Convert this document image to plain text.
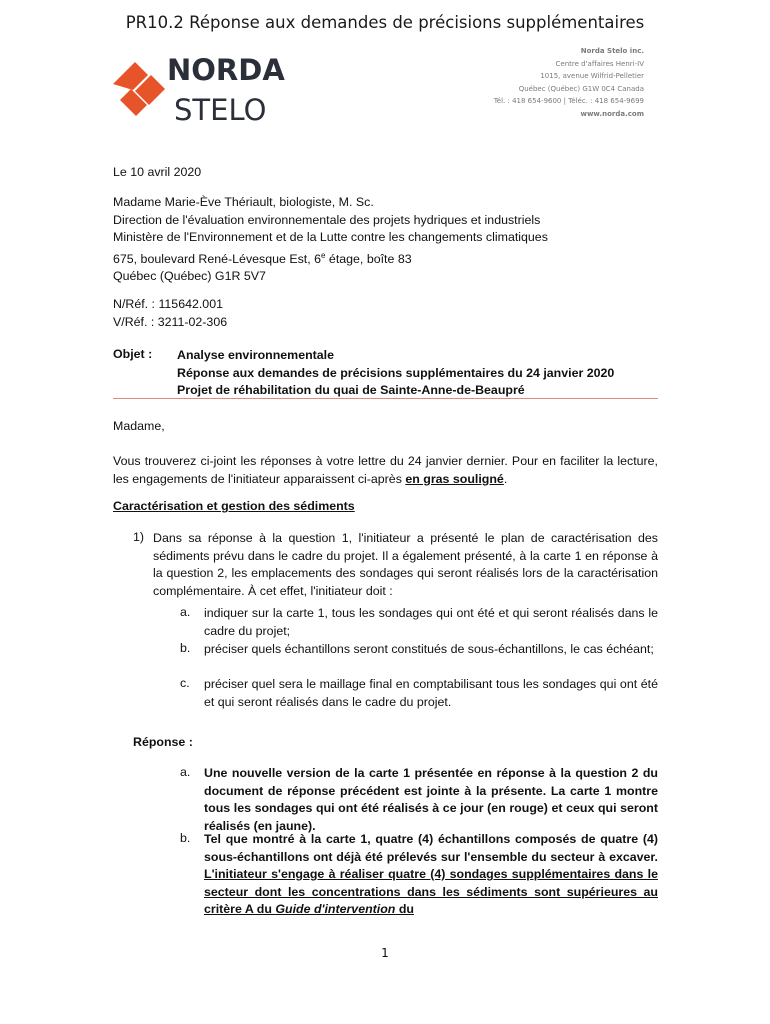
PR10.2 Réponse aux demandes de précisions supplémentaires
NORDA
STELO
Norda Stelo inc.
Centre d'affaires Henri-IV
1015, avenue Wilfrid-Pelletier
Québec (Québec) G1W 0C4 Canada
Tél. : 418 654-9600 | Téléc. : 418 654-9699
www.norda.com
Le 10 avril 2020
Madame Marie-Ève Thériault, biologiste, M. Sc.
Direction de l'évaluation environnementale des projets hydriques et industriels
Ministère de l'Environnement et de la Lutte contre les changements climatiques
675, boulevard René-Lévesque Est, 6e étage, boîte 83
Québec (Québec) G1R 5V7
N/Réf. : 115642.001
V/Réf. : 3211-02-306
Objet : Analyse environnementale
Réponse aux demandes de précisions supplémentaires du 24 janvier 2020
Projet de réhabilitation du quai de Sainte-Anne-de-Beaupré
Madame,
Vous trouverez ci-joint les réponses à votre lettre du 24 janvier dernier. Pour en faciliter la lecture, les engagements de l'initiateur apparaissent ci-après en gras souligné.
Caractérisation et gestion des sédiments
1) Dans sa réponse à la question 1, l'initiateur a présenté le plan de caractérisation des sédiments prévu dans le cadre du projet. Il a également présenté, à la carte 1 en réponse à la question 2, les emplacements des sondages qui seront réalisés lors de la caractérisation complémentaire. À cet effet, l'initiateur doit :
a. indiquer sur la carte 1, tous les sondages qui ont été et qui seront réalisés dans le cadre du projet;
b. préciser quels échantillons seront constitués de sous-échantillons, le cas échéant;
c. préciser quel sera le maillage final en comptabilisant tous les sondages qui ont été et qui seront réalisés dans le cadre du projet.
Réponse :
a. Une nouvelle version de la carte 1 présentée en réponse à la question 2 du document de réponse précédent est jointe à la présente. La carte 1 montre tous les sondages qui ont été réalisés à ce jour (en rouge) et ceux qui seront réalisés (en jaune).
b. Tel que montré à la carte 1, quatre (4) échantillons composés de quatre (4) sous-échantillons ont déjà été prélevés sur l'ensemble du secteur à excaver. L'initiateur s'engage à réaliser quatre (4) sondages supplémentaires dans le secteur dont les concentrations dans les sédiments sont supérieures au critère A du Guide d'intervention du
1
